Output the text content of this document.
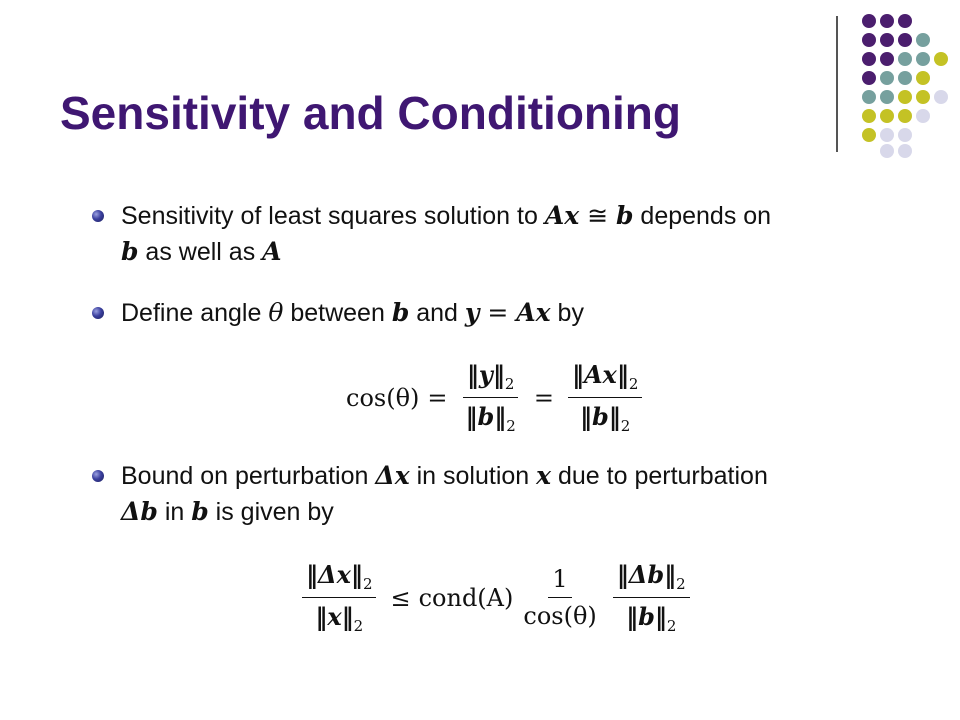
Sensitivity and Conditioning
Sensitivity of least squares solution to Ax ≅ b depends on
b as well as A
Define angle θ between b and y = Ax by
$\cos(\theta) = \frac{‖y‖_2}{‖b‖_2} = \frac{‖Ax‖_2}{‖b‖_2}$
Bound on perturbation Δx in solution x due to perturbation
Δb in b is given by
$\frac{‖\Delta x‖_2}{‖x‖_2}$ ≤ cond(A) $\frac{1}{\cos(\theta)} \frac{‖\Delta b‖_2}{‖b‖_2}$
